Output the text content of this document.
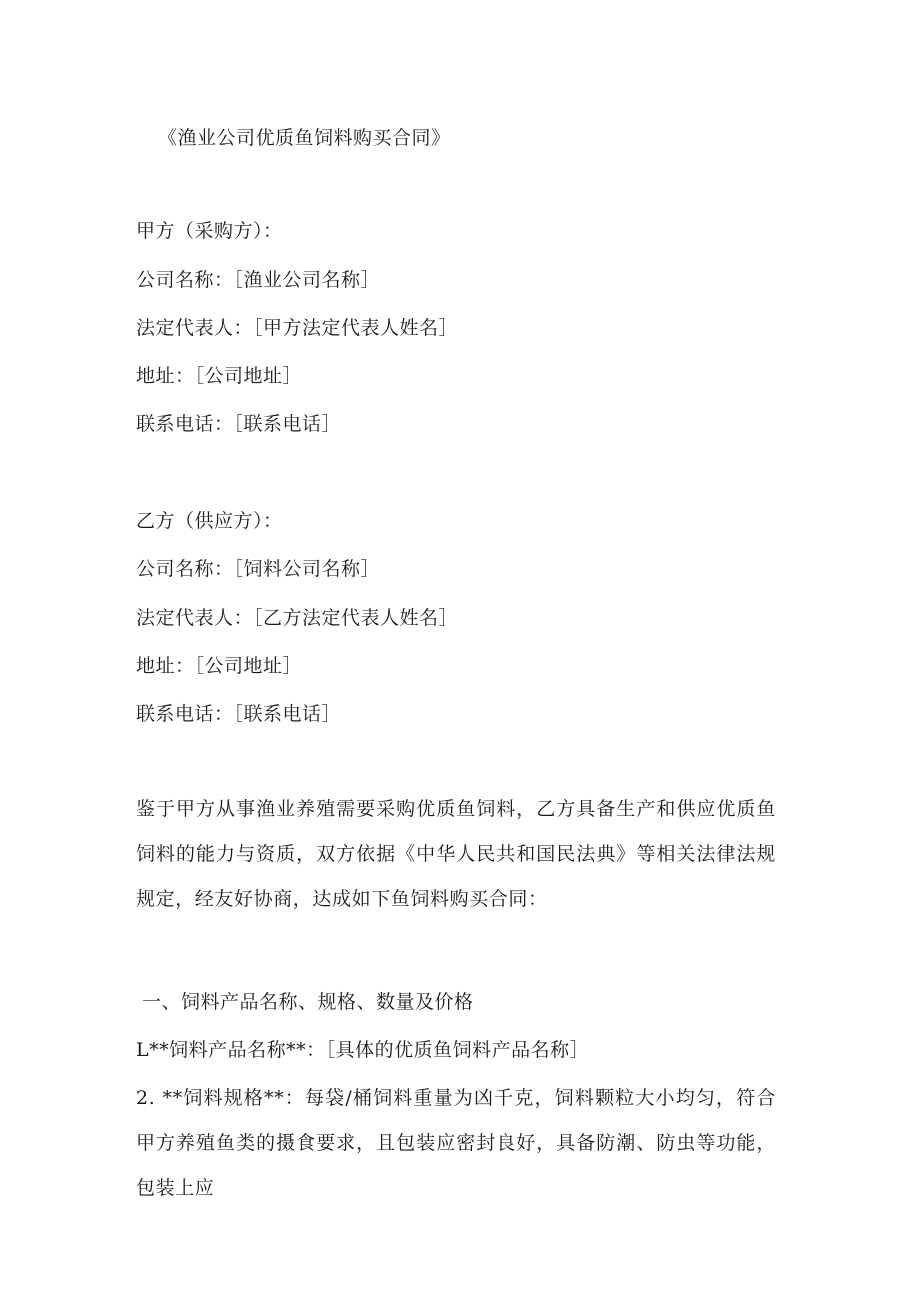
《渔业公司优质鱼饲料购买合同》
甲方（采购方）：
公司名称：［渔业公司名称］
法定代表人：［甲方法定代表人姓名］
地址：［公司地址］
联系电话：［联系电话］
乙方（供应方）：
公司名称：［饲料公司名称］
法定代表人：［乙方法定代表人姓名］
地址：［公司地址］
联系电话：［联系电话］
鉴于甲方从事渔业养殖需要采购优质鱼饲料，乙方具备生产和供应优质鱼饲料的能力与资质，双方依据《中华人民共和国民法典》等相关法律法规规定，经友好协商，达成如下鱼饲料购买合同：
一、饲料产品名称、规格、数量及价格
L**饲料产品名称**：［具体的优质鱼饲料产品名称］
2. **饲料规格**：每袋/桶饲料重量为凶千克，饲料颗粒大小均匀，符合甲方养殖鱼类的摄食要求，且包装应密封良好，具备防潮、防虫等功能，包装上应
